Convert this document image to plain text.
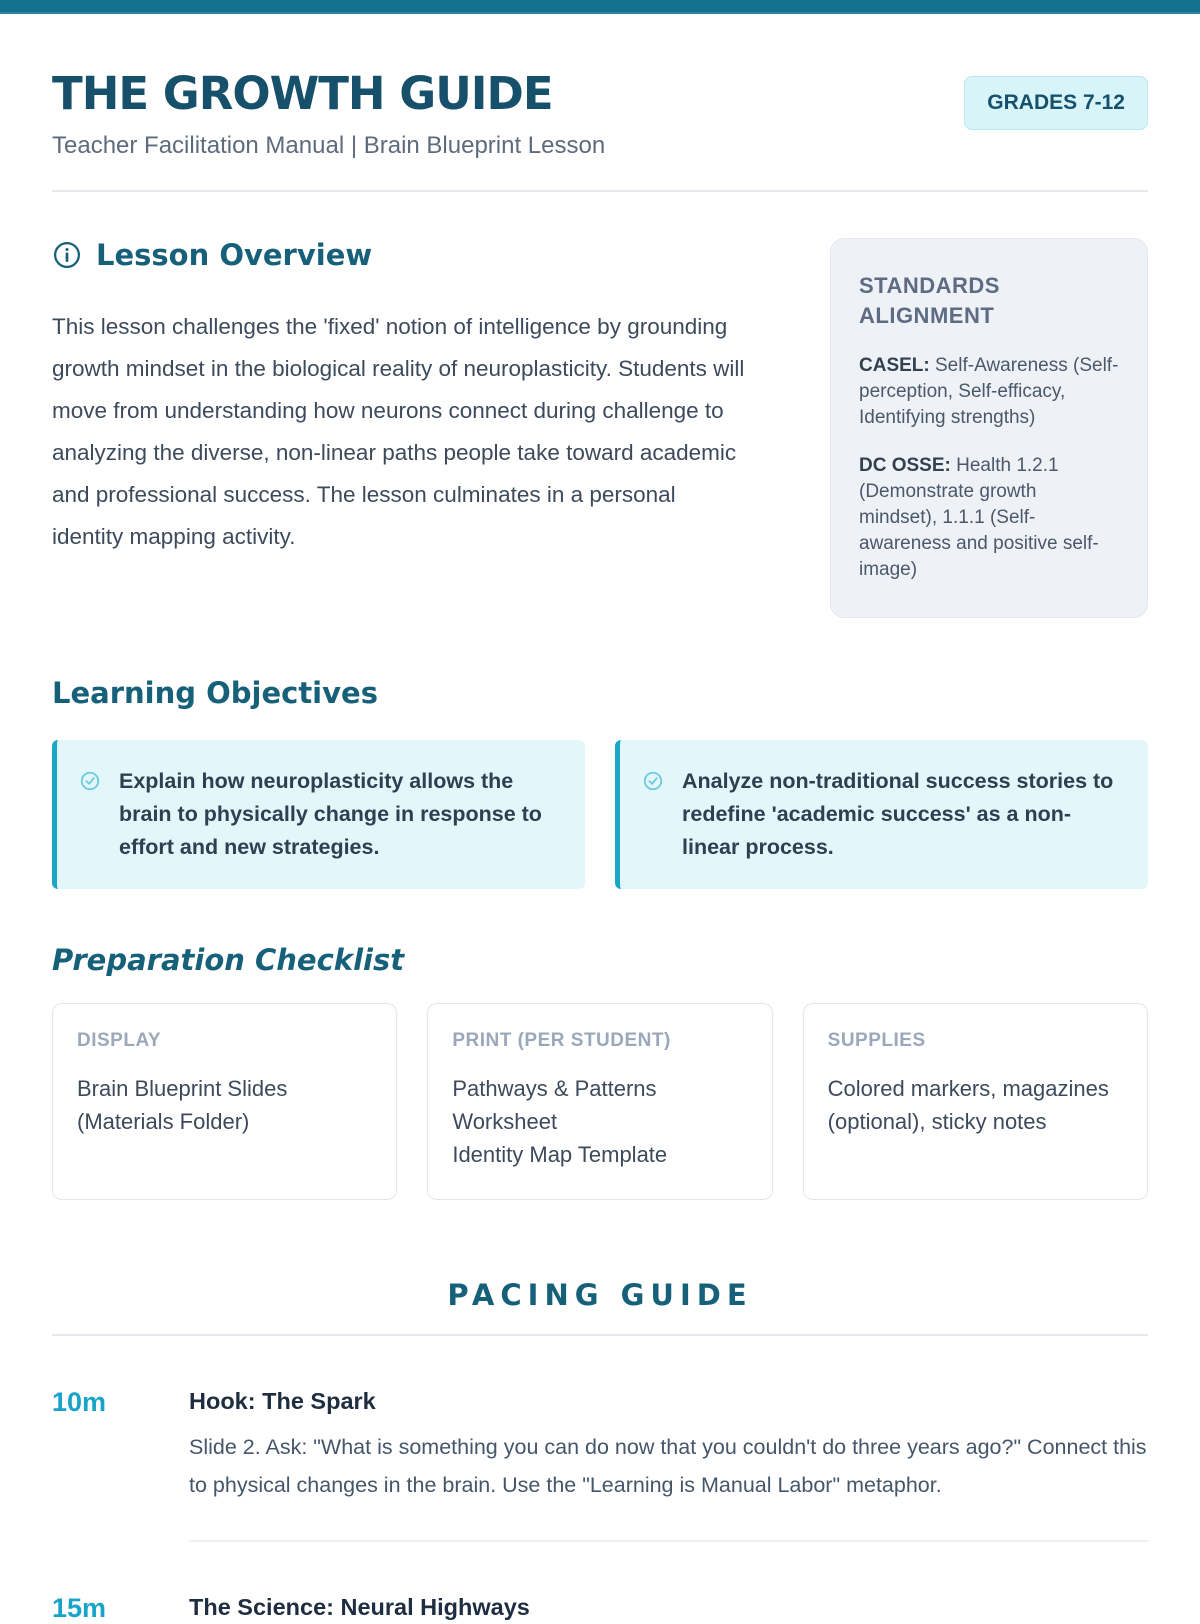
THE GROWTH GUIDE
Teacher Facilitation Manual | Brain Blueprint Lesson
GRADES 7-12
Lesson Overview

This lesson challenges the 'fixed' notion of intelligence by grounding growth mindset in the biological reality of neuroplasticity. Students will move from understanding how neurons connect during challenge to analyzing the diverse, non-linear paths people take toward academic and professional success. The lesson culminates in a personal identity mapping activity.

STANDARDS ALIGNMENT

CASEL: Self-Awareness (Self-perception, Self-efficacy, Identifying strengths)

DC OSSE: Health 1.2.1 (Demonstrate growth mindset), 1.1.1 (Self-awareness and positive self-image)

Learning Objectives
Explain how neuroplasticity allows the brain to physically change in response to effort and new strategies.
Analyze non-traditional success stories to redefine 'academic success' as a non-linear process.
Preparation Checklist
DISPLAY
Brain Blueprint Slides (Materials Folder)
PRINT (PER STUDENT)
Pathways & Patterns Worksheet
Identity Map Template
SUPPLIES
Colored markers, magazines (optional), sticky notes
PACING GUIDE
10m	Hook: The Spark

Slide 2. Ask: "What is something you can do now that you couldn't do three years ago?" Connect this to physical changes in the brain. Use the "Learning is Manual Labor" metaphor.

15m	The Science: Neural Highways
